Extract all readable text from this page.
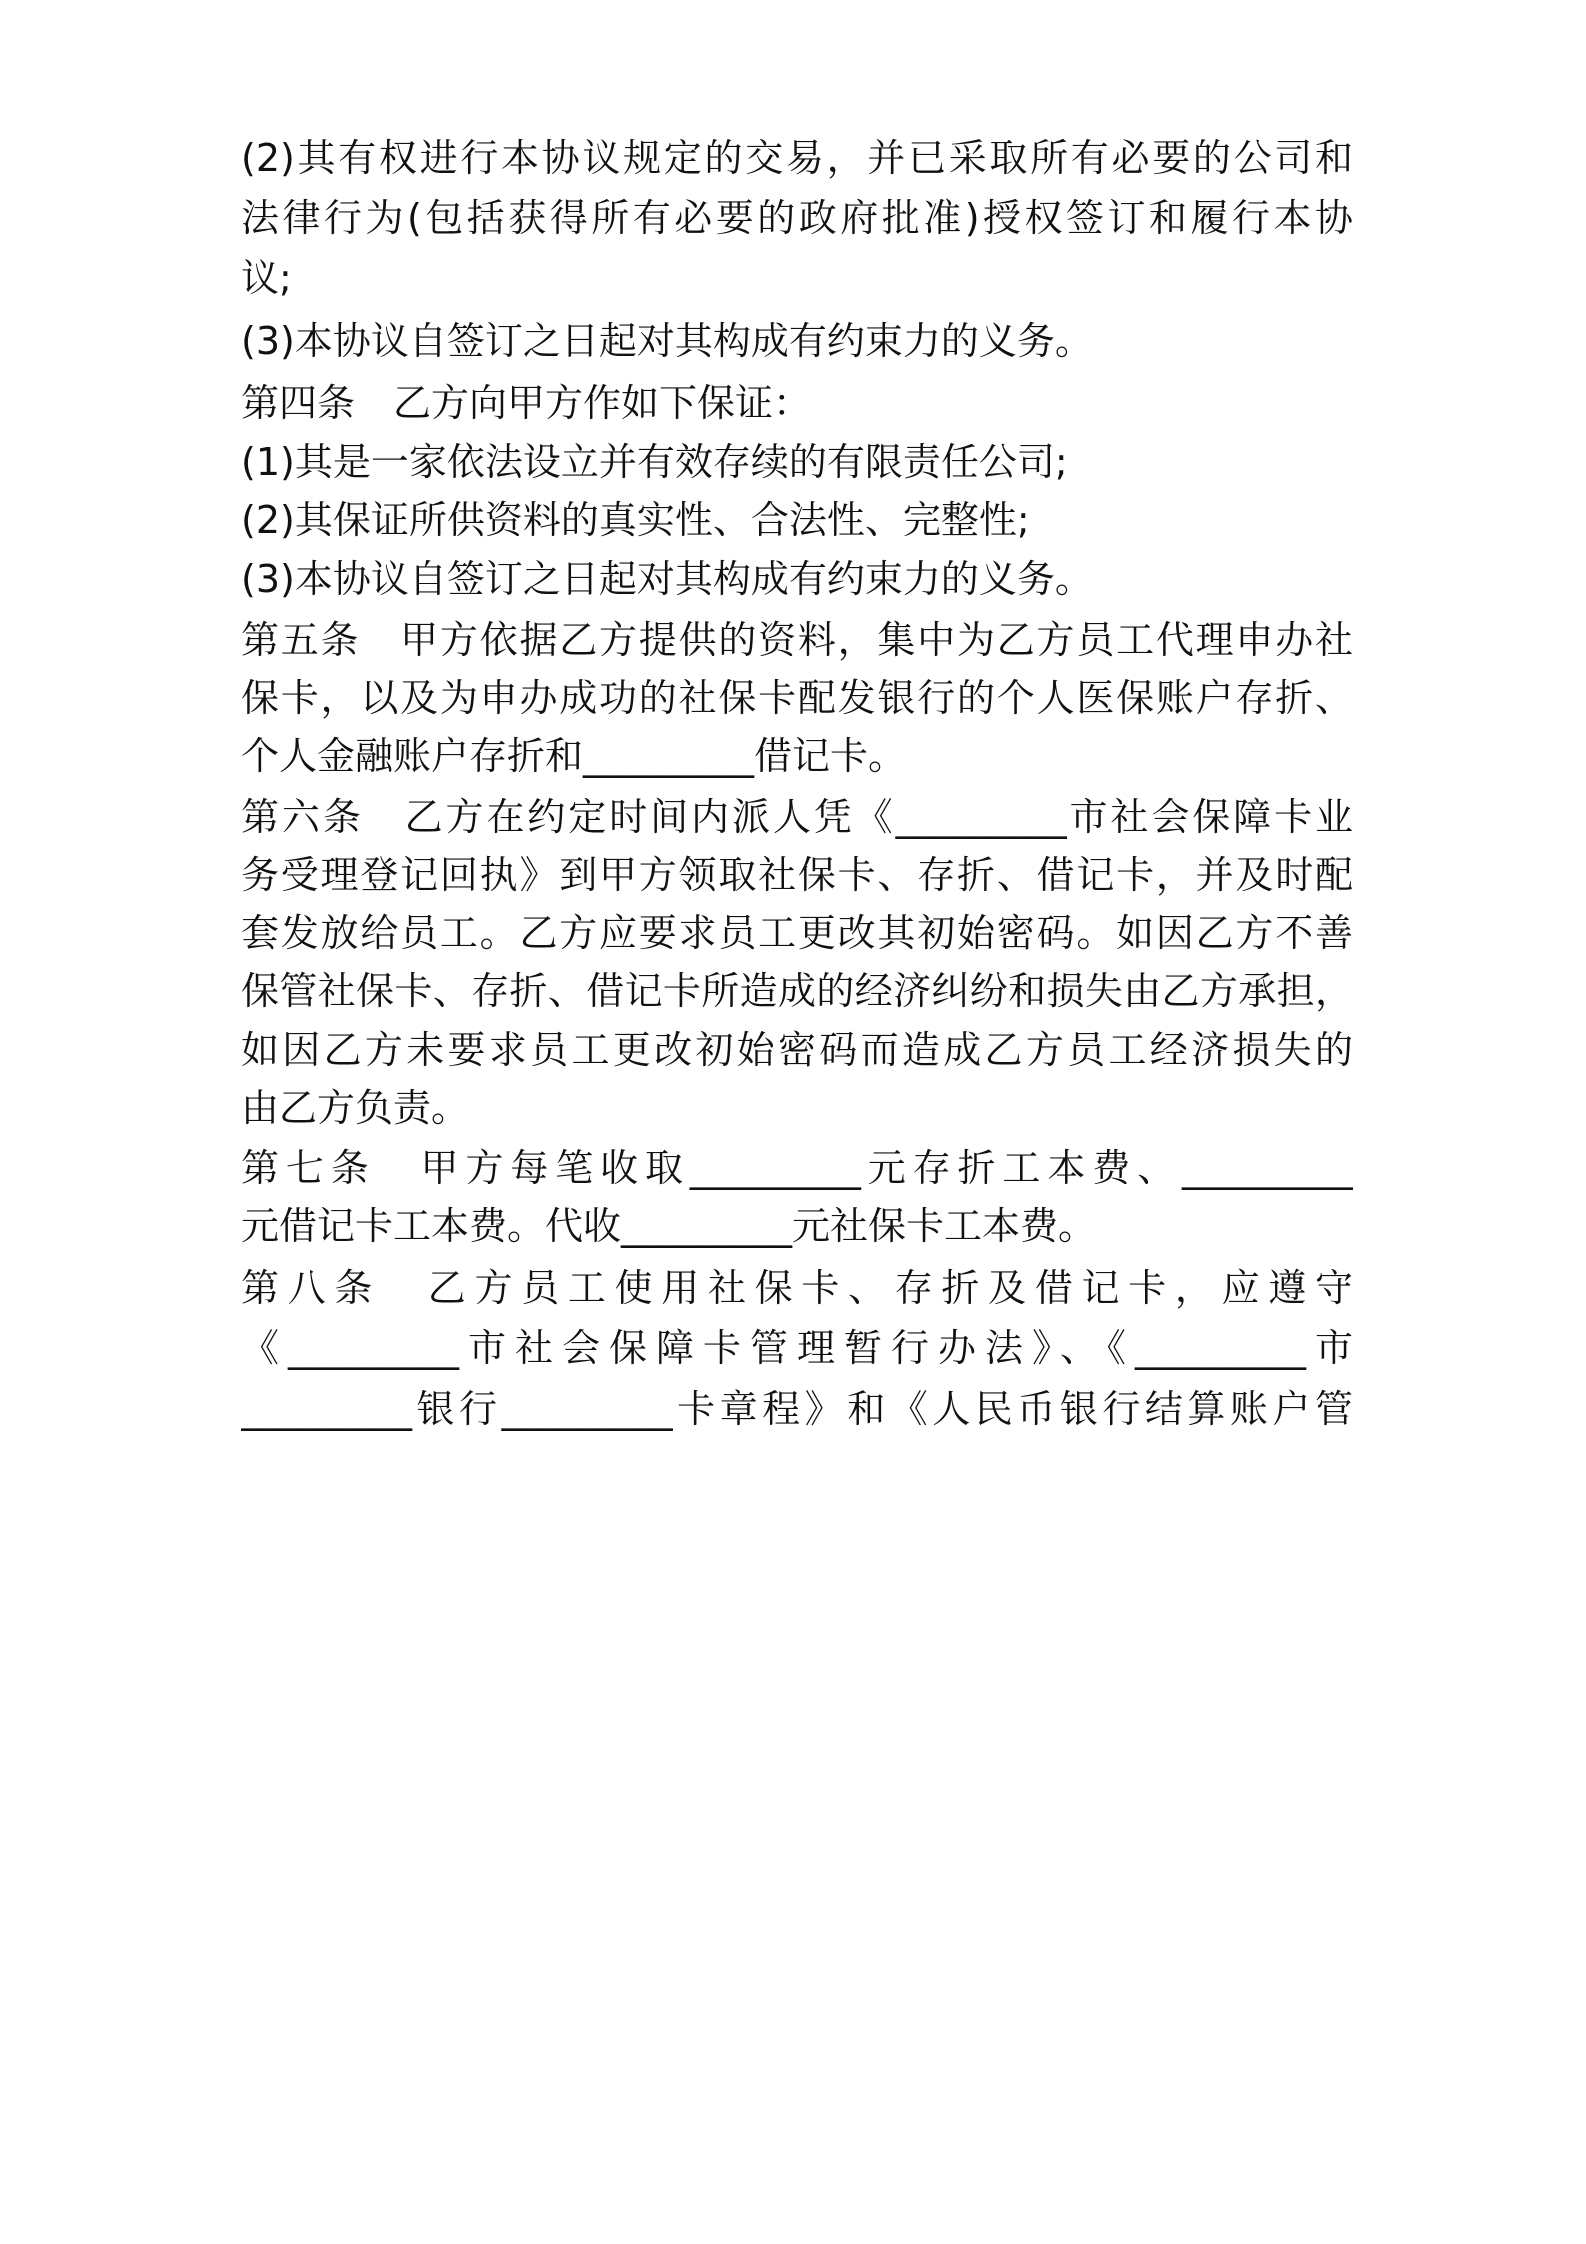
(2)其有权进行本协议规定的交易，并已采取所有必要的公司和
法律行为(包括获得所有必要的政府批准)授权签订和履行本协
议;
(3)本协议自签订之日起对其构成有约束力的义务。
第四条　乙方向甲方作如下保证：
(1)其是一家依法设立并有效存续的有限责任公司;
(2)其保证所供资料的真实性、合法性、完整性;
(3)本协议自签订之日起对其构成有约束力的义务。
第五条　甲方依据乙方提供的资料，集中为乙方员工代理申办社
保卡，以及为申办成功的社保卡配发银行的个人医保账户存折、
个人金融账户存折和_________借记卡。
第六条　乙方在约定时间内派人凭《_________市社会保障卡业
务受理登记回执》到甲方领取社保卡、存折、借记卡，并及时配
套发放给员工。乙方应要求员工更改其初始密码。如因乙方不善
保管社保卡、存折、借记卡所造成的经济纠纷和损失由乙方承担，
如因乙方未要求员工更改初始密码而造成乙方员工经济损失的
由乙方负责。
第七条　甲方每笔收取_________元存折工本费、_________
元借记卡工本费。代收_________元社保卡工本费。
第八条　乙方员工使用社保卡、存折及借记卡，应遵守
《_________市社会保障卡管理暂行办法》、《_________市
_________银行_________卡章程》和《人民币银行结算账户管
